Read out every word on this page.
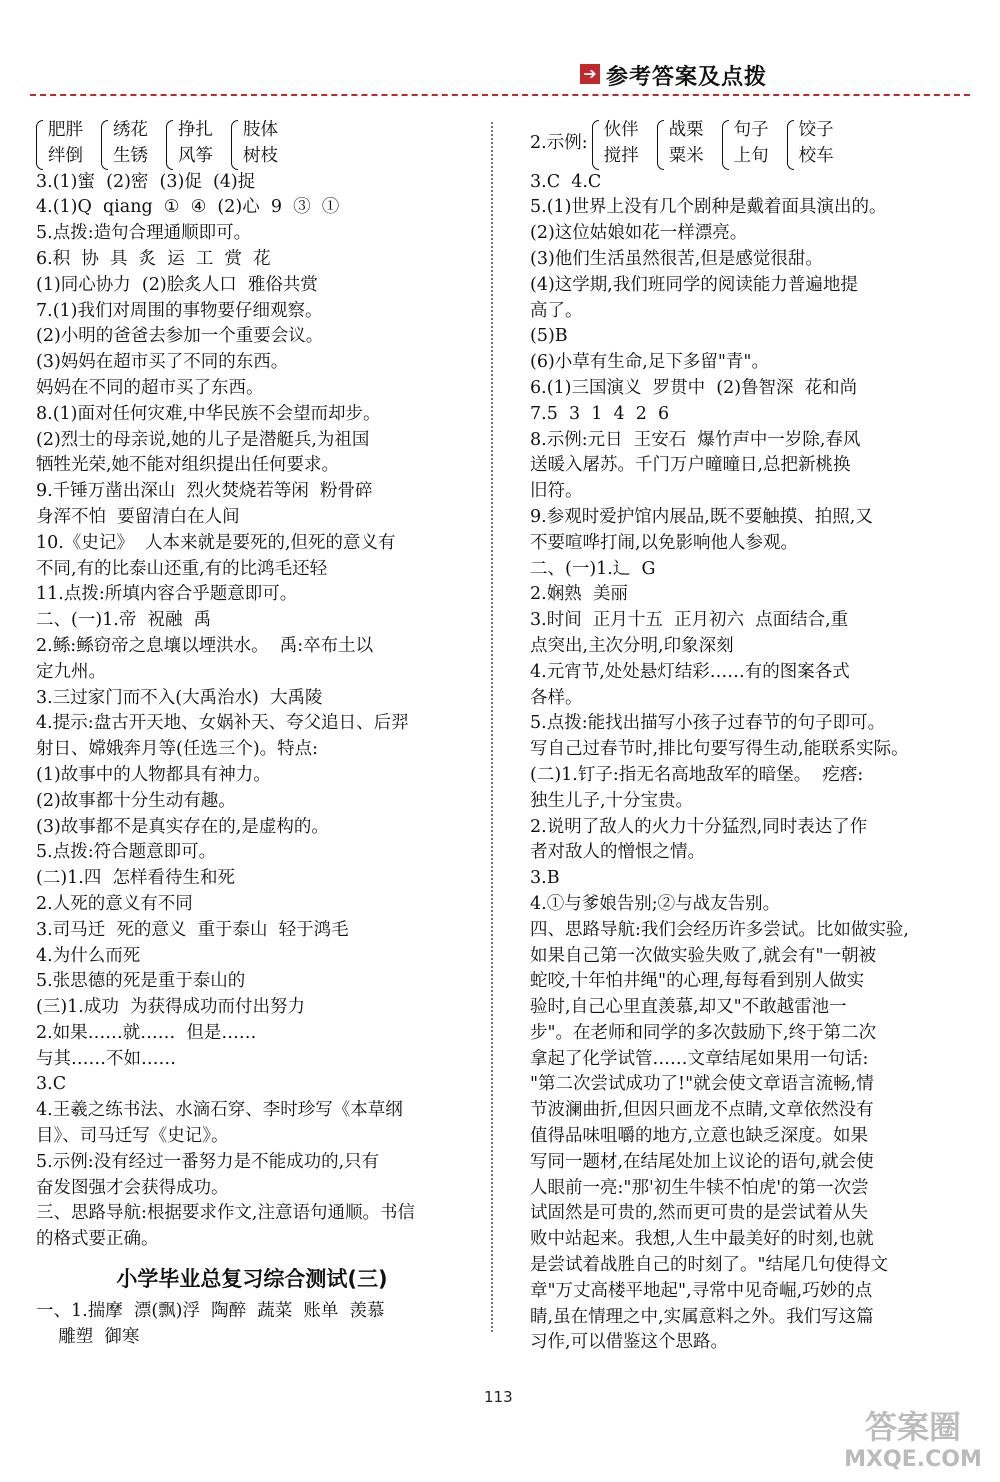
➔ 参考答案及点拨
肥胖
绊倒
绣花
生锈
挣扎
风筝
肢体
树枝
3.(1)蜜  (2)密  (3)促  (4)捉
4.(1)Q  qiang  ①  ④  (2)心  9  ③  ①
5.点拨:造句合理通顺即可。
6.积  协  具  炙  运  工  赏  花
(1)同心协力  (2)脍炙人口  雅俗共赏
7.(1)我们对周围的事物要仔细观察。
(2)小明的爸爸去参加一个重要会议。
(3)妈妈在超市买了不同的东西。
妈妈在不同的超市买了东西。
8.(1)面对任何灾难,中华民族不会望而却步。
(2)烈士的母亲说,她的儿子是潜艇兵,为祖国
牺牲光荣,她不能对组织提出任何要求。
9.千锤万凿出深山  烈火焚烧若等闲  粉骨碎
身浑不怕  要留清白在人间
10.《史记》  人本来就是要死的,但死的意义有
不同,有的比泰山还重,有的比鸿毛还轻
11.点拨:所填内容合乎题意即可。
二、(一)1.帝  祝融  禹
2.鲧:鲧窃帝之息壤以堙洪水。  禹:卒布土以
定九州。
3.三过家门而不入(大禹治水)  大禹陵
4.提示:盘古开天地、女娲补天、夸父追日、后羿
射日、嫦娥奔月等(任选三个)。特点:
(1)故事中的人物都具有神力。
(2)故事都十分生动有趣。
(3)故事都不是真实存在的,是虚构的。
5.点拨:符合题意即可。
(二)1.四  怎样看待生和死
2.人死的意义有不同
3.司马迁  死的意义  重于泰山  轻于鸿毛
4.为什么而死
5.张思德的死是重于泰山的
(三)1.成功  为获得成功而付出努力
2.如果……就……  但是……
与其……不如……
3.C
4.王羲之练书法、水滴石穿、李时珍写《本草纲
目》、司马迁写《史记》。
5.示例:没有经过一番努力是不能成功的,只有
奋发图强才会获得成功。
三、思路导航:根据要求作文,注意语句通顺。书信
的格式要正确。
小学毕业总复习综合测试(三)
一、1.揣摩  漂(飘)浮  陶醉  蔬菜  账单  羡慕
雕塑  御寒
2.示例:
伙伴
搅拌
战栗
粟米
句子
上旬
饺子
校车
3.C  4.C
5.(1)世界上没有几个剧种是戴着面具演出的。
(2)这位姑娘如花一样漂亮。
(3)他们生活虽然很苦,但是感觉很甜。
(4)这学期,我们班同学的阅读能力普遍地提
高了。
(5)B
(6)小草有生命,足下多留"青"。
6.(1)三国演义  罗贯中  (2)鲁智深  花和尚
7.5  3  1  4  2  6
8.示例:元日  王安石  爆竹声中一岁除,春风
送暖入屠苏。千门万户曈曈日,总把新桃换
旧符。
9.参观时爱护馆内展品,既不要触摸、拍照,又
不要喧哗打闹,以免影响他人参观。
二、(一)1.辶  G
2.娴熟  美丽
3.时间  正月十五  正月初六  点面结合,重
点突出,主次分明,印象深刻
4.元宵节,处处悬灯结彩……有的图案各式
各样。
5.点拨:能找出描写小孩子过春节的句子即可。
写自己过春节时,排比句要写得生动,能联系实际。
(二)1.钉子:指无名高地敌军的暗堡。  疙瘩:
独生儿子,十分宝贵。
2.说明了敌人的火力十分猛烈,同时表达了作
者对敌人的憎恨之情。
3.B
4.①与爹娘告别;②与战友告别。
四、思路导航:我们会经历许多尝试。比如做实验,
如果自己第一次做实验失败了,就会有"一朝被
蛇咬,十年怕井绳"的心理,每每看到别人做实
验时,自己心里直羡慕,却又"不敢越雷池一
步"。在老师和同学的多次鼓励下,终于第二次
拿起了化学试管……文章结尾如果用一句话:
"第二次尝试成功了!"就会使文章语言流畅,情
节波澜曲折,但因只画龙不点睛,文章依然没有
值得品味咀嚼的地方,立意也缺乏深度。如果
写同一题材,在结尾处加上议论的语句,就会使
人眼前一亮:"那'初生牛犊不怕虎'的第一次尝
试固然是可贵的,然而更可贵的是尝试着从失
败中站起来。我想,人生中最美好的时刻,也就
是尝试着战胜自己的时刻了。"结尾几句使得文
章"万丈高楼平地起",寻常中见奇崛,巧妙的点
睛,虽在情理之中,实属意料之外。我们写这篇
习作,可以借鉴这个思路。
113
答案圈
MXQE.COM
